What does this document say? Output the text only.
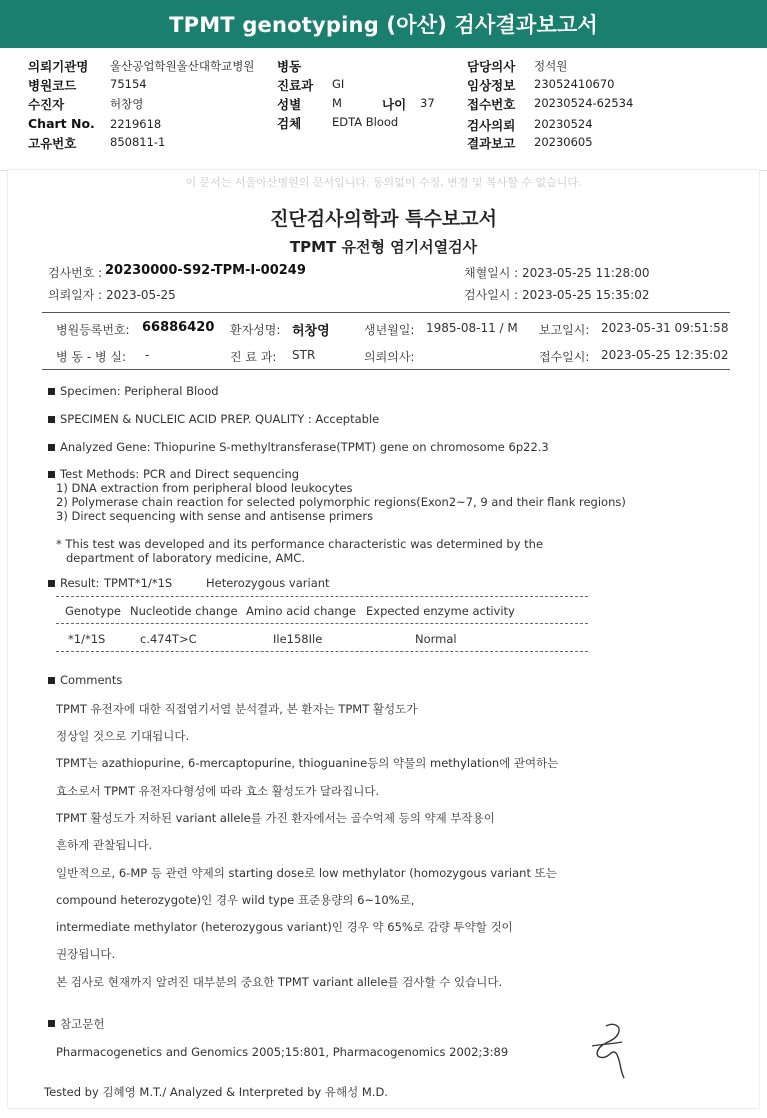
TPMT genotyping (아산) 검사결과보고서
의뢰기관명 울산공업학원울산대학교병원
병원코드	75154
수진자	허창영
Chart No. 2219618
고유번호	850811-1
병동
진료과 GI
성별	M	나이 37
검체	EDTA Blood
담당의사 정석원
임상정보 23052410670
접수번호 20230524-62534
검사의뢰 20230524
결과보고 20230605
이 문서는 서울아산병원의 문서입니다. 동의없이 수정, 변경 및 복사할 수 없습니다.
진단검사의학과 특수보고서
TPMT 유전형 염기서열검사
검사번호 : 20230000-S92-TPM-I-00249
의뢰일자 : 2023-05-25
채혈일시 : 2023-05-25 11:28:00
검사일시 : 2023-05-25 15:35:02
병원등록번호: 66886420 환자성명: 허창영	생년월일: 1985-08-11 / M 보고일시: 2023-05-31 09:51:58
병 동 - 병 실: -	진 료 과: STR	의뢰의사:	접수일시: 2023-05-25 12:35:02
Specimen: Peripheral Blood
SPECIMEN & NUCLEIC ACID PREP. QUALITY : Acceptable
Analyzed Gene: Thiopurine S-methyltransferase(TPMT) gene on chromosome 6p22.3
Test Methods: PCR and Direct sequencing
1) DNA extraction from peripheral blood leukocytes
2) Polymerase chain reaction for selected polymorphic regions(Exon2~7, 9 and their flank regions)
3) Direct sequencing with sense and antisense primers
* This test was developed and its performance characteristic was determined by the
department of laboratory medicine, AMC.
Result: TPMT*1/*1S	Heterozygous variant
Genotype Nucleotide change Amino acid change Expected enzyme activity
*1/*1S	c.474T>C	Ile158Ile	Normal
Comments
TPMT 유전자에 대한 직접염기서열 분석결과, 본 환자는 TPMT 활성도가
정상일 것으로 기대됩니다.
TPMT는 azathiopurine, 6-mercaptopurine, thioguanine등의 약물의 methylation에 관여하는
효소로서 TPMT 유전자다형성에 따라 효소 활성도가 달라집니다.
TPMT 활성도가 저하된 variant allele를 가진 환자에서는 골수억제 등의 약제 부작용이
흔하게 관찰됩니다.
일반적으로, 6-MP 등 관련 약제의 starting dose로 low methylator (homozygous variant 또는
compound heterozygote)인 경우 wild type 표준용량의 6~10%로,
intermediate methylator (heterozygous variant)인 경우 약 65%로 감량 투약할 것이
권장됩니다.
본 검사로 현재까지 알려진 대부분의 중요한 TPMT variant allele를 검사할 수 있습니다.
참고문헌
Pharmacogenetics and Genomics 2005;15:801, Pharmacogenomics 2002;3:89
Tested by 김혜영 M.T./ Analyzed & Interpreted by 유해성 M.D.
